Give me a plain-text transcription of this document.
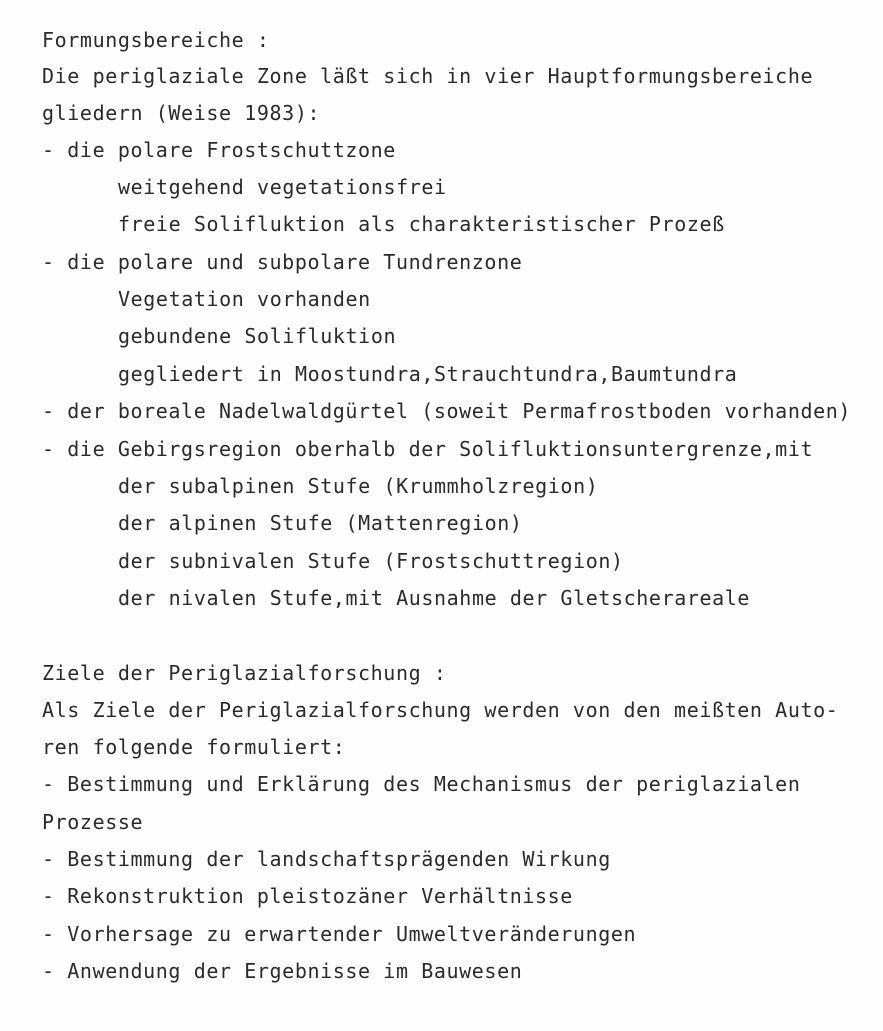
Formungsbereiche :
Die periglaziale Zone läßt sich in vier Hauptformungsbereiche
gliedern (Weise 1983):
- die polare Frostschuttzone
weitgehend vegetationsfrei
freie Solifluktion als charakteristischer Prozeß
- die polare und subpolare Tundrenzone
Vegetation vorhanden
gebundene Solifluktion
gegliedert in Moostundra,Strauchtundra,Baumtundra
- der boreale Nadelwaldgürtel (soweit Permafrostboden vorhanden)
- die Gebirgsregion oberhalb der Solifluktionsuntergrenze,mit
der subalpinen Stufe (Krummholzregion)
der alpinen Stufe (Mattenregion)
der subnivalen Stufe (Frostschuttregion)
der nivalen Stufe,mit Ausnahme der Gletscherareale
Ziele der Periglazialforschung :
Als Ziele der Periglazialforschung werden von den meißten Auto-
ren folgende formuliert:
- Bestimmung und Erklärung des Mechanismus der periglazialen
Prozesse
- Bestimmung der landschaftsprägenden Wirkung
- Rekonstruktion pleistozäner Verhältnisse
- Vorhersage zu erwartender Umweltveränderungen
- Anwendung der Ergebnisse im Bauwesen
